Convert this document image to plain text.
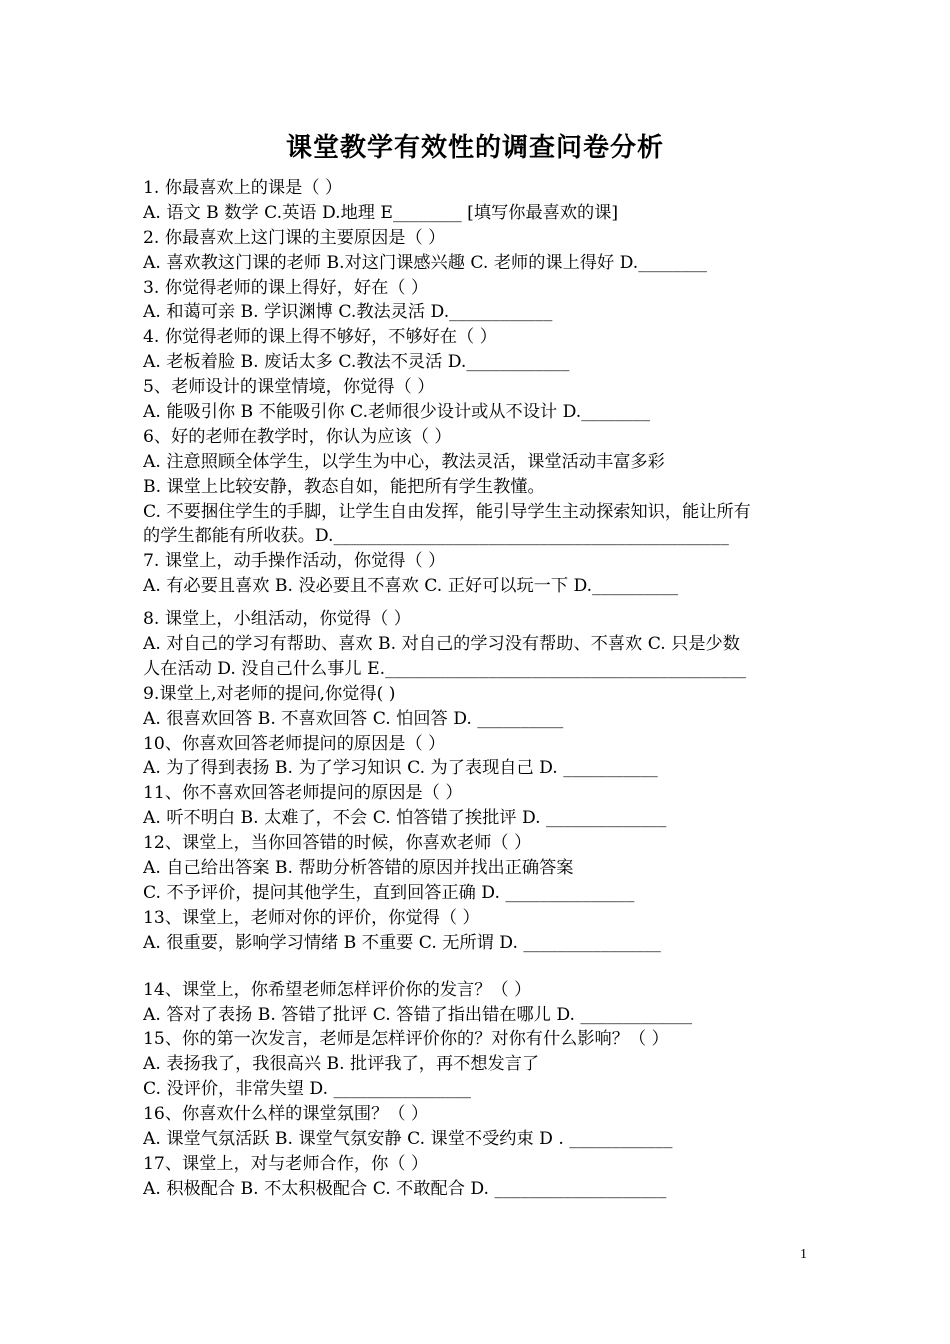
课堂教学有效性的调查问卷分析
1. 你最喜欢上的课是（ ）
A. 语文 B 数学 C.英语 D.地理 E________ [填写你最喜欢的课]
2. 你最喜欢上这门课的主要原因是（ ）
A. 喜欢教这门课的老师 B.对这门课感兴趣 C. 老师的课上得好 D.________
3. 你觉得老师的课上得好，好在（ ）
A. 和蔼可亲 B. 学识渊博 C.教法灵活 D.____________
4. 你觉得老师的课上得不够好，不够好在（ ）
A. 老板着脸 B. 废话太多 C.教法不灵活 D.____________
5、老师设计的课堂情境，你觉得（ ）
A. 能吸引你 B 不能吸引你 C.老师很少设计或从不设计 D.________
6、好的老师在教学时，你认为应该（ ）
A. 注意照顾全体学生，以学生为中心，教法灵活，课堂活动丰富多彩
B. 课堂上比较安静，教态自如，能把所有学生教懂。
C. 不要捆住学生的手脚，让学生自由发挥，能引导学生主动探索知识，能让所有
的学生都能有所收获。D.______________________________________________
7. 课堂上，动手操作活动，你觉得（ ）
A. 有必要且喜欢 B. 没必要且不喜欢 C. 正好可以玩一下 D.__________
8. 课堂上，小组活动，你觉得（ ）
A. 对自己的学习有帮助、喜欢 B. 对自己的学习没有帮助、不喜欢 C. 只是少数
人在活动 D. 没自己什么事儿 E.__________________________________________
9.课堂上,对老师的提问,你觉得( )
A. 很喜欢回答 B. 不喜欢回答 C. 怕回答 D. __________
10、你喜欢回答老师提问的原因是（ ）
A. 为了得到表扬 B. 为了学习知识 C. 为了表现自己 D. ___________
11、你不喜欢回答老师提问的原因是（ ）
A. 听不明白 B. 太难了，不会 C. 怕答错了挨批评 D. ______________
12、课堂上，当你回答错的时候，你喜欢老师（ ）
A. 自己给出答案 B. 帮助分析答错的原因并找出正确答案
C. 不予评价，提问其他学生，直到回答正确 D. _______________
13、课堂上，老师对你的评价，你觉得（ ）
A. 很重要，影响学习情绪 B 不重要 C. 无所谓 D. ________________
14、课堂上，你希望老师怎样评价你的发言？（ ）
A. 答对了表扬 B. 答错了批评 C. 答错了指出错在哪儿 D. _____________
15、你的第一次发言，老师是怎样评价你的？对你有什么影响？（ ）
A. 表扬我了，我很高兴 B. 批评我了，再不想发言了
C. 没评价，非常失望 D. ________________
16、你喜欢什么样的课堂氛围？（ ）
A. 课堂气氛活跃 B. 课堂气氛安静 C. 课堂不受约束 D . ____________
17、课堂上，对与老师合作，你（ ）
A. 积极配合 B. 不太积极配合 C. 不敢配合 D. ____________________
1
